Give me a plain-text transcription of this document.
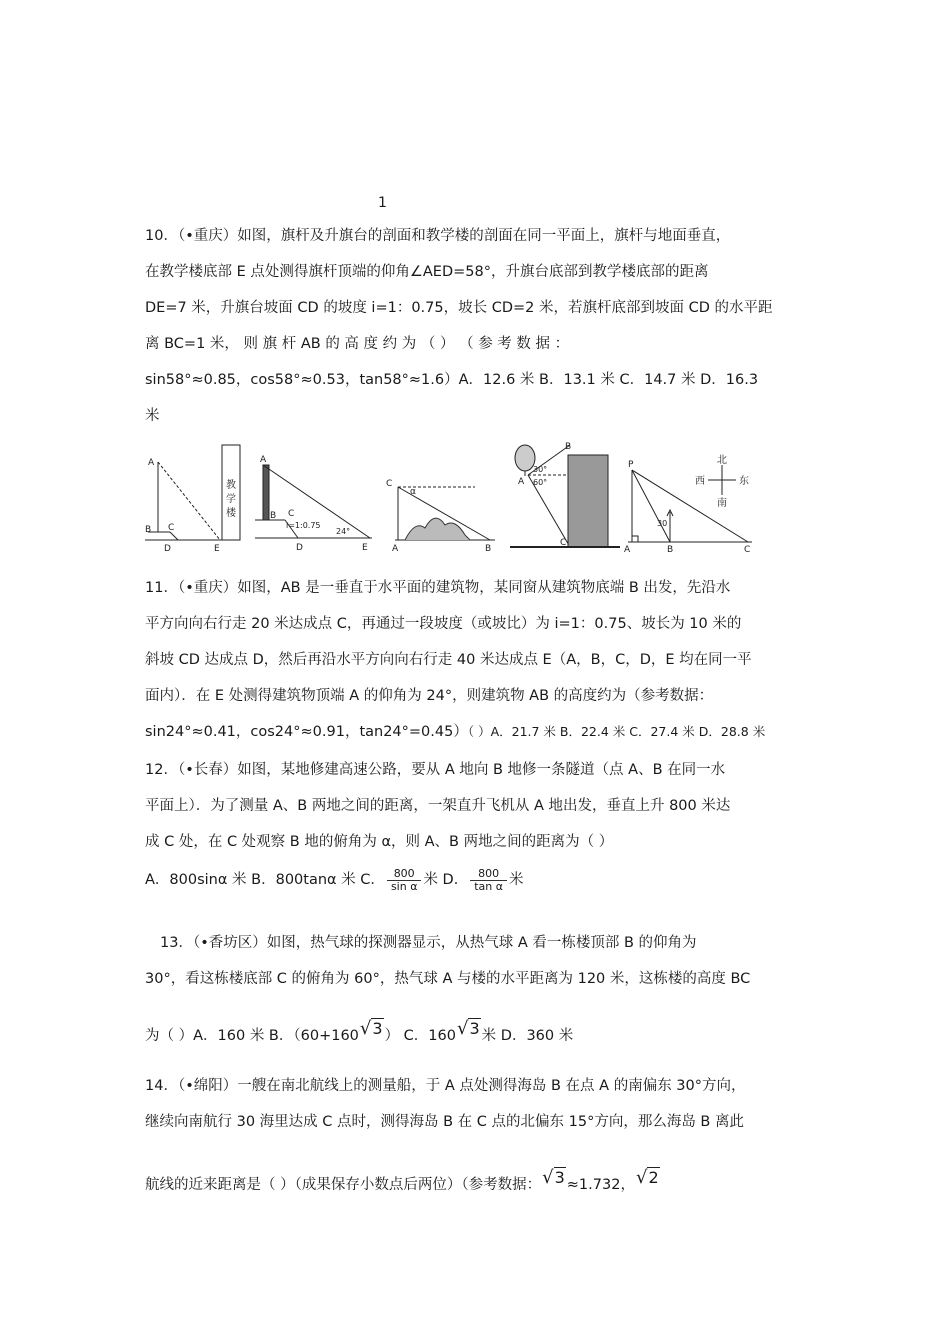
1
10．（•重庆）如图，旗杆及升旗台的剖面和教学楼的剖面在同一平面上，旗杆与地面垂直，
在教学楼底部 E 点处测得旗杆顶端的仰角∠AED=58°，升旗台底部到教学楼底部的距离
DE=7 米，升旗台坡面 CD 的坡度 i=1：0.75，坡长 CD=2 米，若旗杆底部到坡面 CD 的水平距
离 BC=1 米， 则 旗 杆 AB 的 高 度 约 为 （ ） （ 参 考 数 据 ：
sin58°≈0.85，cos58°≈0.53，tan58°≈1.6）A．12.6 米 B．13.1 米 C．14.7 米 D．16.3
米
A
B C
D	E
教
学
楼
A
B C
D	E
i=1:0.75
24°
C
A	B
α
B
A
C
30°
60°
P
A	B	C
30
北
南
西	东
11．（•重庆）如图，AB 是一垂直于水平面的建筑物，某同窗从建筑物底端 B 出发，先沿水
平方向向右行走 20 米达成点 C，再通过一段坡度（或坡比）为 i=1：0.75、坡长为 10 米的
斜坡 CD 达成点 D，然后再沿水平方向向右行走 40 米达成点 E（A，B，C，D，E 均在同一平
面内）．在 E 处测得建筑物顶端 A 的仰角为 24°，则建筑物 AB 的高度约为（参考数据：
sin24°≈0.41，cos24°≈0.91，tan24°=0.45）（ ）A．21.7 米 B．22.4 米 C．27.4 米 D．28.8 米
12．（•长春）如图，某地修建高速公路，要从 A 地向 B 地修一条隧道（点 A、B 在同一水
平面上）．为了测量 A、B 两地之间的距离，一架直升飞机从 A 地出发，垂直上升 800 米达
成 C 处，在 C 处观察 B 地的俯角为 α，则 A、B 两地之间的距离为（ ）
A．800sinα 米 B．800tanα 米 C． $\frac{800}{\text{sin α}}$ 米 D． $\frac{800}{\text{tan α}}$ 米
13．（•香坊区）如图，热气球的探测器显示，从热气球 A 看一栋楼顶部 B 的仰角为
30°，看这栋楼底部 C 的俯角为 60°，热气球 A 与楼的水平距离为 120 米，这栋楼的高度 BC
为（ ）A．160 米 B．（60+160√3 ） C．160√3 米 D．360 米
14．（•绵阳）一艘在南北航线上的测量船，于 A 点处测得海岛 B 在点 A 的南偏东 30°方向，
继续向南航行 30 海里达成 C 点时，测得海岛 B 在 C 点的北偏东 15°方向，那么海岛 B 离此
航线的近来距离是（ ）（成果保存小数点后两位）（参考数据：√3 ≈1.732，√2
